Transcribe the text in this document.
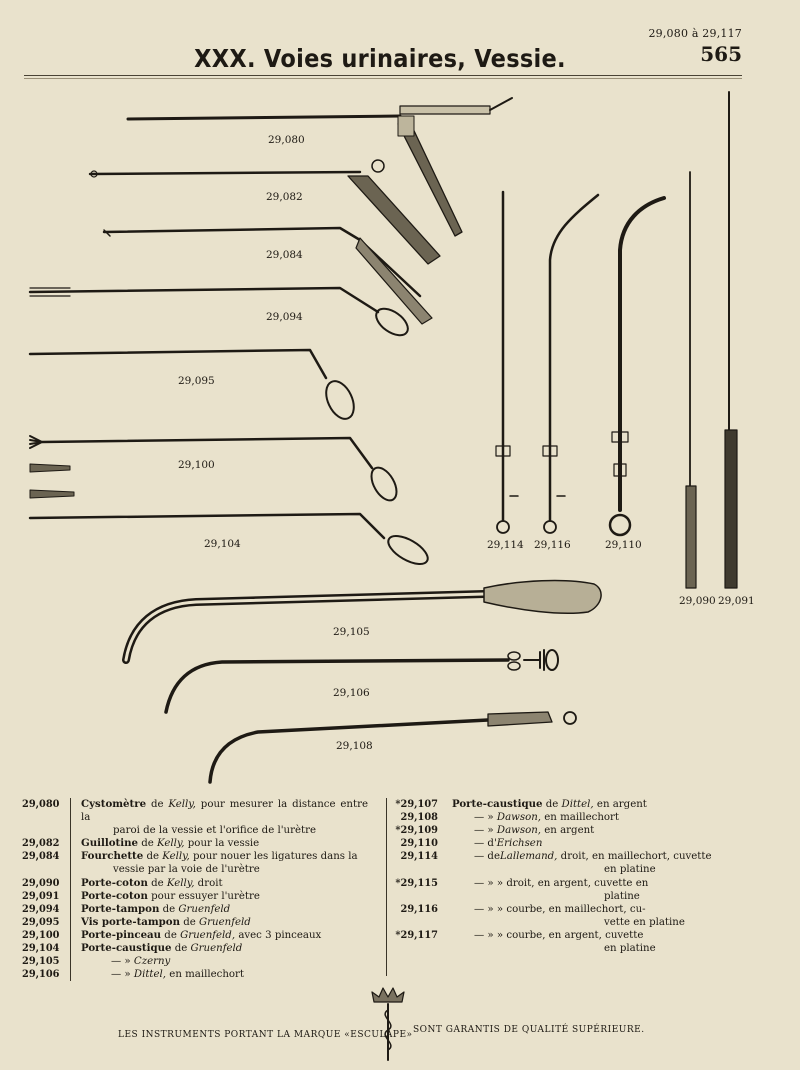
29,080 à 29,117
565
XXX. Voies urinaires, Vessie.
29,080
29,082
29,084
29,094
29,095
29,100
29,104	29,114 29,116	29,110
29,090 29,091
29,105
29,106
29,108
29,080	Cystomètre de Kelly, pour mesurer la distance entre la
paroi de la vessie et l'orifice de l'urètre
29,082	Guillotine de Kelly, pour la vessie
29,084	Fourchette de Kelly, pour nouer les ligatures dans la
vessie par la voie de l'urètre
29,090	Porte-coton de Kelly, droit
29,091	Porte-coton pour essuyer l'urètre
29,094	Porte-tampon de Gruenfeld
29,095	Vis porte-tampon de Gruenfeld
29,100	Porte-pinceau de Gruenfeld, avec 3 pinceaux
29,104	Porte-caustique de Gruenfeld
29,105	— » Czerny
29,106	— » Dittel, en maillechort
*29,107	Porte-caustique de Dittel, en argent
29,108	— » Dawson, en maillechort
*29,109	— » Dawson, en argent
29,110	— d'Erichsen
29,114	— deLallemand, droit, en maillechort, cuvette
en platine
*29,115	— » » droit, en argent, cuvette en
platine
29,116	— » » courbe, en maillechort, cu-
vette en platine
*29,117	— » » courbe, en argent, cuvette
en platine
LES INSTRUMENTS PORTANT LA MARQUE «ESCULAPE» SONT GARANTIS DE QUALITÉ SUPÉRIEURE.
